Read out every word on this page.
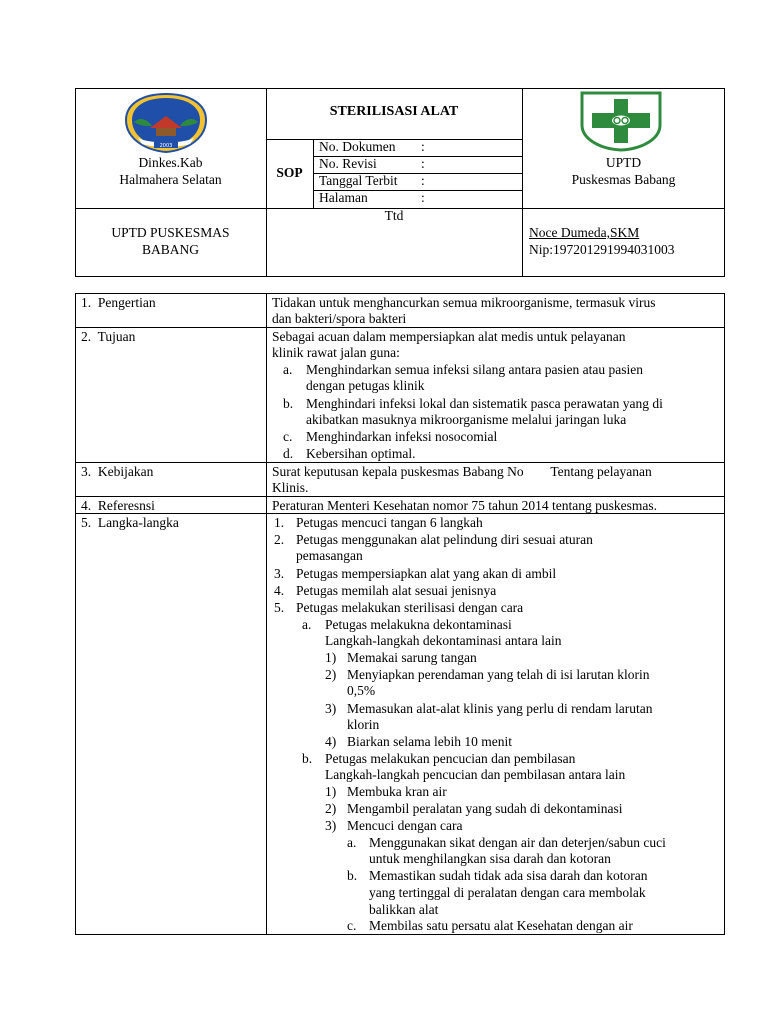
2003
Dinkes.Kab
Halmahera Selatan
STERILISASI ALAT
SOP
No. Dokumen :
No. Revisi	:
Tanggal Terbit :
Halaman	:
UPTD
Puskesmas Babang
UPTD PUSKESMAS
BABANG
Ttd
Noce Dumeda,SKM
Nip:197201291994031003
1.  Pengertian
2.  Tujuan
3.  Kebijakan
4.  Referesnsi
5.  Langka-langka
Tidakan untuk menghancurkan semua mikroorganisme, termasuk virus
dan bakteri/spora bakteri
Sebagai acuan dalam mempersiapkan alat medis untuk pelayanan
klinik rawat jalan guna:
a. Menghindarkan semua infeksi silang antara pasien atau pasien
dengan petugas klinik
b. Menghindari infeksi lokal dan sistematik pasca perawatan yang di
akibatkan masuknya mikroorganisme melalui jaringan luka
c. Menghindarkan infeksi nosocomial
d. Kebersihan optimal.
Surat keputusan kepala puskesmas Babang No        Tentang pelayanan
Klinis.
Peraturan Menteri Kesehatan nomor 75 tahun 2014 tentang puskesmas.
1. Petugas mencuci tangan 6 langkah
2. Petugas menggunakan alat pelindung diri sesuai aturan
pemasangan
3. Petugas mempersiapkan alat yang akan di ambil
4. Petugas memilah alat sesuai jenisnya
5. Petugas melakukan sterilisasi dengan cara
a. Petugas melakukna dekontaminasi
Langkah-langkah dekontaminasi antara lain
1) Memakai sarung tangan
2) Menyiapkan perendaman yang telah di isi larutan klorin
0,5%
3) Memasukan alat-alat klinis yang perlu di rendam larutan
klorin
4) Biarkan selama lebih 10 menit
b. Petugas melakukan pencucian dan pembilasan
Langkah-langkah pencucian dan pembilasan antara lain
1) Membuka kran air
2) Mengambil peralatan yang sudah di dekontaminasi
3) Mencuci dengan cara
a. Menggunakan sikat dengan air dan deterjen/sabun cuci
untuk menghilangkan sisa darah dan kotoran
b. Memastikan sudah tidak ada sisa darah dan kotoran
yang tertinggal di peralatan dengan cara membolak
balikkan alat
c. Membilas satu persatu alat Kesehatan dengan air
